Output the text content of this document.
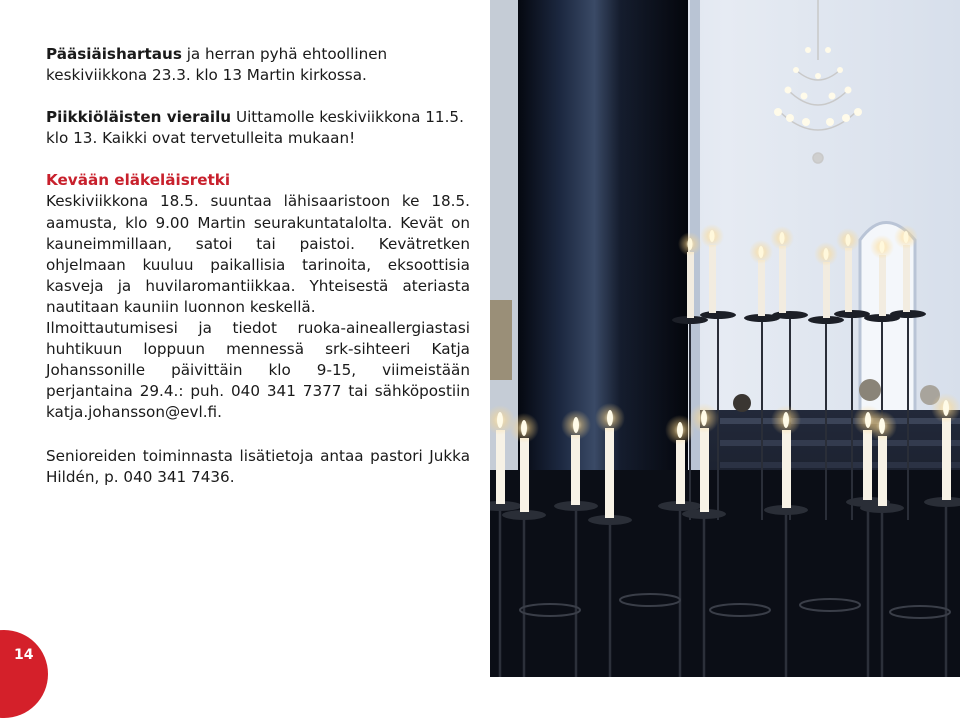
Pääsiäishartaus ja herran pyhä ehtoollinen keskiviikkona 23.3. klo 13 Martin kirkossa.

Piikkiöläisten vierailu Uittamolle keskiviikkona 11.5. klo 13. Kaikki ovat tervetulleita mukaan!

Kevään eläkeläisretki

Keskiviikkona 18.5. suuntaa lähisaaristoon ke 18.5. aamusta, klo 9.00 Martin seurakuntatalolta. Kevät on kauneimmillaan, satoi tai paistoi. Kevätretken ohjelmaan kuuluu paikallisia tarinoita, eksoottisia kasveja ja huvilaromantiikkaa. Yhteisestä ateriasta nautitaan kauniin luonnon keskellä.

Ilmoittautumisesi ja tiedot ruoka-aineallergiastasi huhtikuun loppuun mennessä srk-sihteeri Katja Johanssonille päivittäin klo 9-15, viimeistään perjantaina 29.4.: puh. 040 341 7377 tai sähköpostiin katja.johansson@evl.fi.

Senioreiden toiminnasta lisätietoja antaa pastori Jukka Hildén, p. 040 341 7436.

14
